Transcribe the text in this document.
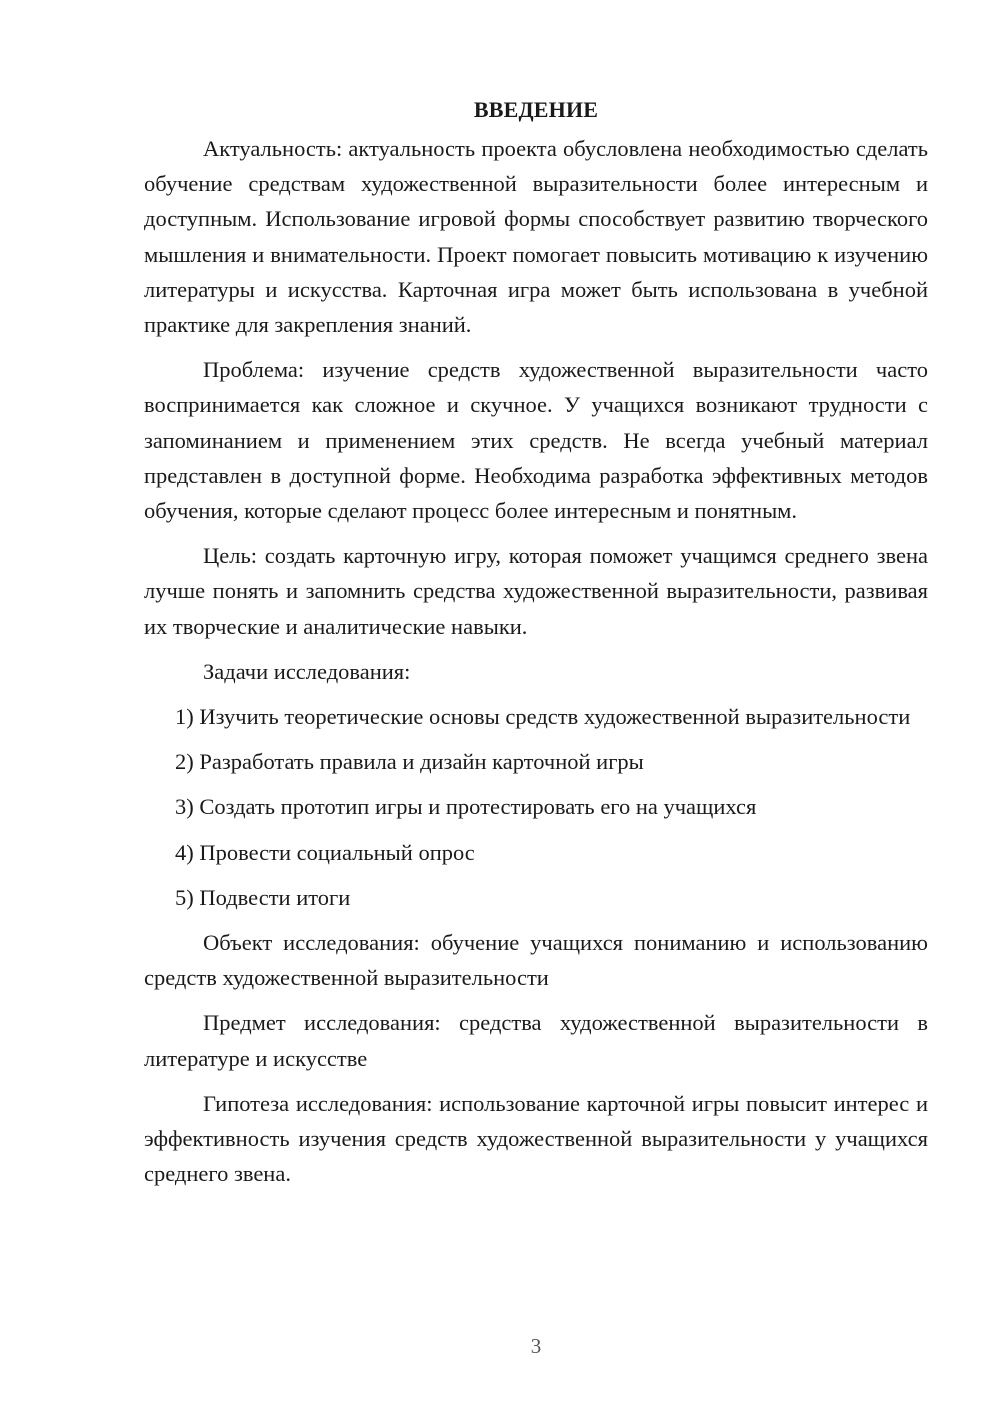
ВВЕДЕНИЕ

Актуальность: актуальность проекта обусловлена необходимостью сделать обучение средствам художественной выразительности более интересным и доступным. Использование игровой формы способствует развитию творческого мышления и внимательности. Проект помогает повысить мотивацию к изучению литературы и искусства. Карточная игра может быть использована в учебной практике для закрепления знаний.

Проблема: изучение средств художественной выразительности часто воспринимается как сложное и скучное. У учащихся возникают трудности с запоминанием и применением этих средств. Не всегда учебный материал представлен в доступной форме. Необходима разработка эффективных методов обучения, которые сделают процесс более интересным и понятным.

Цель: создать карточную игру, которая поможет учащимся среднего звена лучше понять и запомнить средства художественной выразительности, развивая их творческие и аналитические навыки.

Задачи исследования:

1) Изучить теоретические основы средств художественной выразительности

2) Разработать правила и дизайн карточной игры

3) Создать прототип игры и протестировать его на учащихся

4) Провести социальный опрос

5) Подвести итоги

Объект исследования: обучение учащихся пониманию и использованию средств художественной выразительности

Предмет исследования: средства художественной выразительности в литературе и искусстве

Гипотеза исследования: использование карточной игры повысит интерес и эффективность изучения средств художественной выразительности у учащихся среднего звена.

3
